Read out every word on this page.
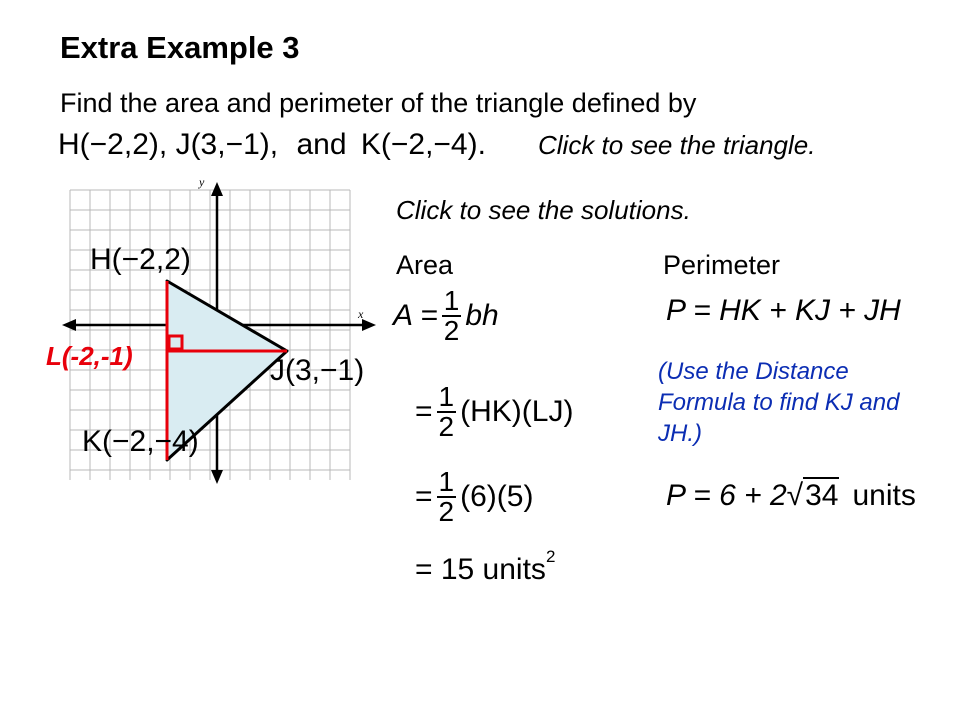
Extra Example 3
Find the area and perimeter of the triangle defined by
H(−2,2), J(3,−1), and K(−2,−4). Click to see the triangle.
Click to see the solutions.
x
y
H(−2,2)
J(3,−1)
K(−2,−4)
L(-2,-1)
Area
$A = \frac{1}{2}$ bh
= $\frac{1}{2} (HK)(LJ)$
= $\frac{1}{2} (6)(5)$
= 15 units$^2$
Perimeter
P = HK + KJ + JH
(Use the Distance Formula to find KJ and JH.)
P = 6 + 2 √34 units
